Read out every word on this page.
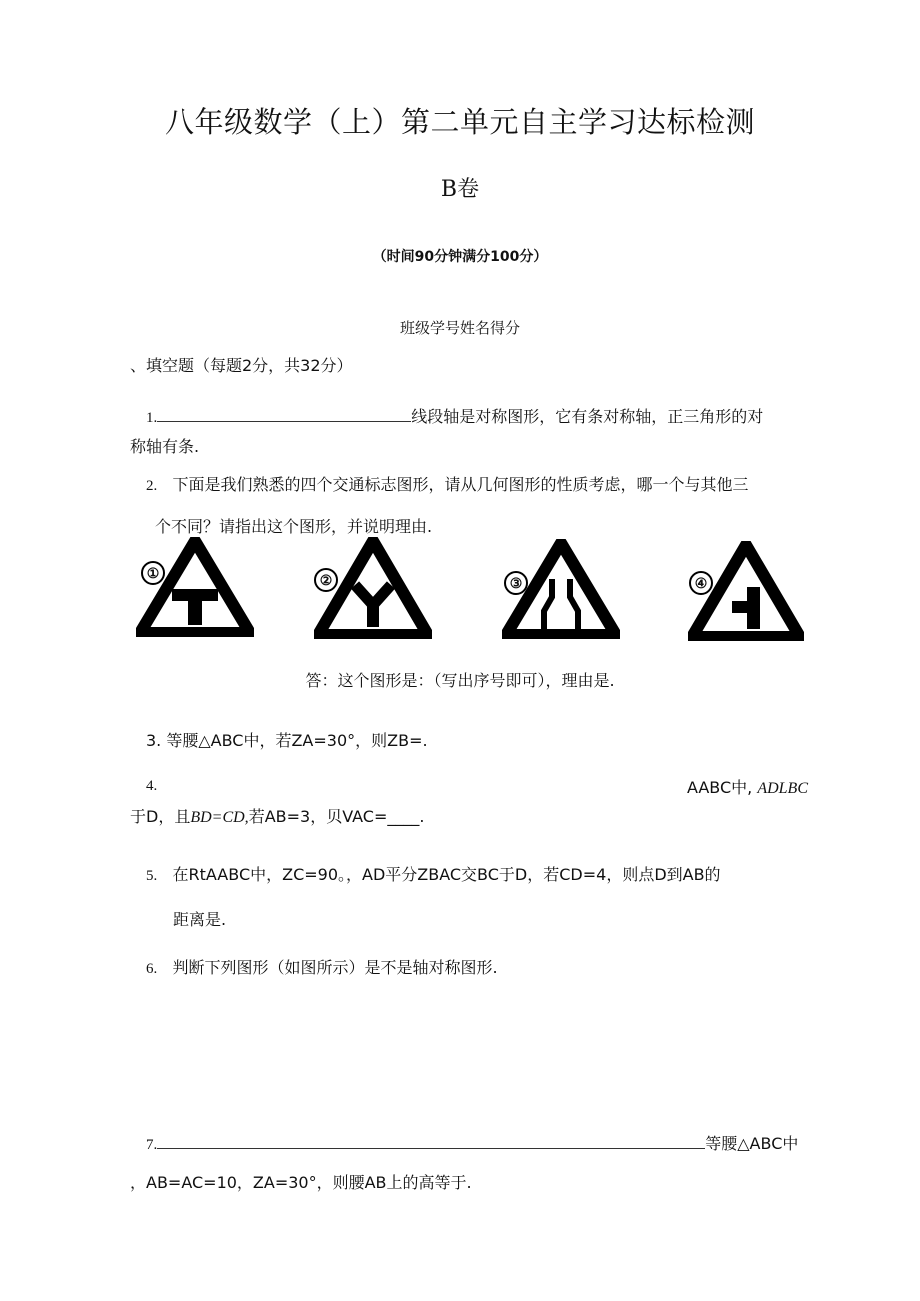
八年级数学（上）第二单元自主学习达标检测
B卷
（时间90分钟满分100分）
班级学号姓名得分
、填空题（每题2分，共32分）
1.	线段轴是对称图形，它有条对称轴，正三角形的对
称轴有条.
2. 下面是我们熟悉的四个交通标志图形，请从几何图形的性质考虑，哪一个与其他三
个不同？请指出这个图形，并说明理由.
①	②	③	④
答：这个图形是：（写出序号即可），理由是.
3. 等腰△ABC中，若ZA=30°，则ZB=.
4.	AABC中, ADLBC
于D，且BD=CD,若AB=3，贝VAC=____.
5. 在RtAABC中，ZC=90。，AD平分ZBAC交BC于D，若CD=4，则点D到AB的
距离是.
6. 判断下列图形（如图所示）是不是轴对称图形.
7.	等腰△ABC中
，AB=AC=10，ZA=30°，则腰AB上的高等于.
